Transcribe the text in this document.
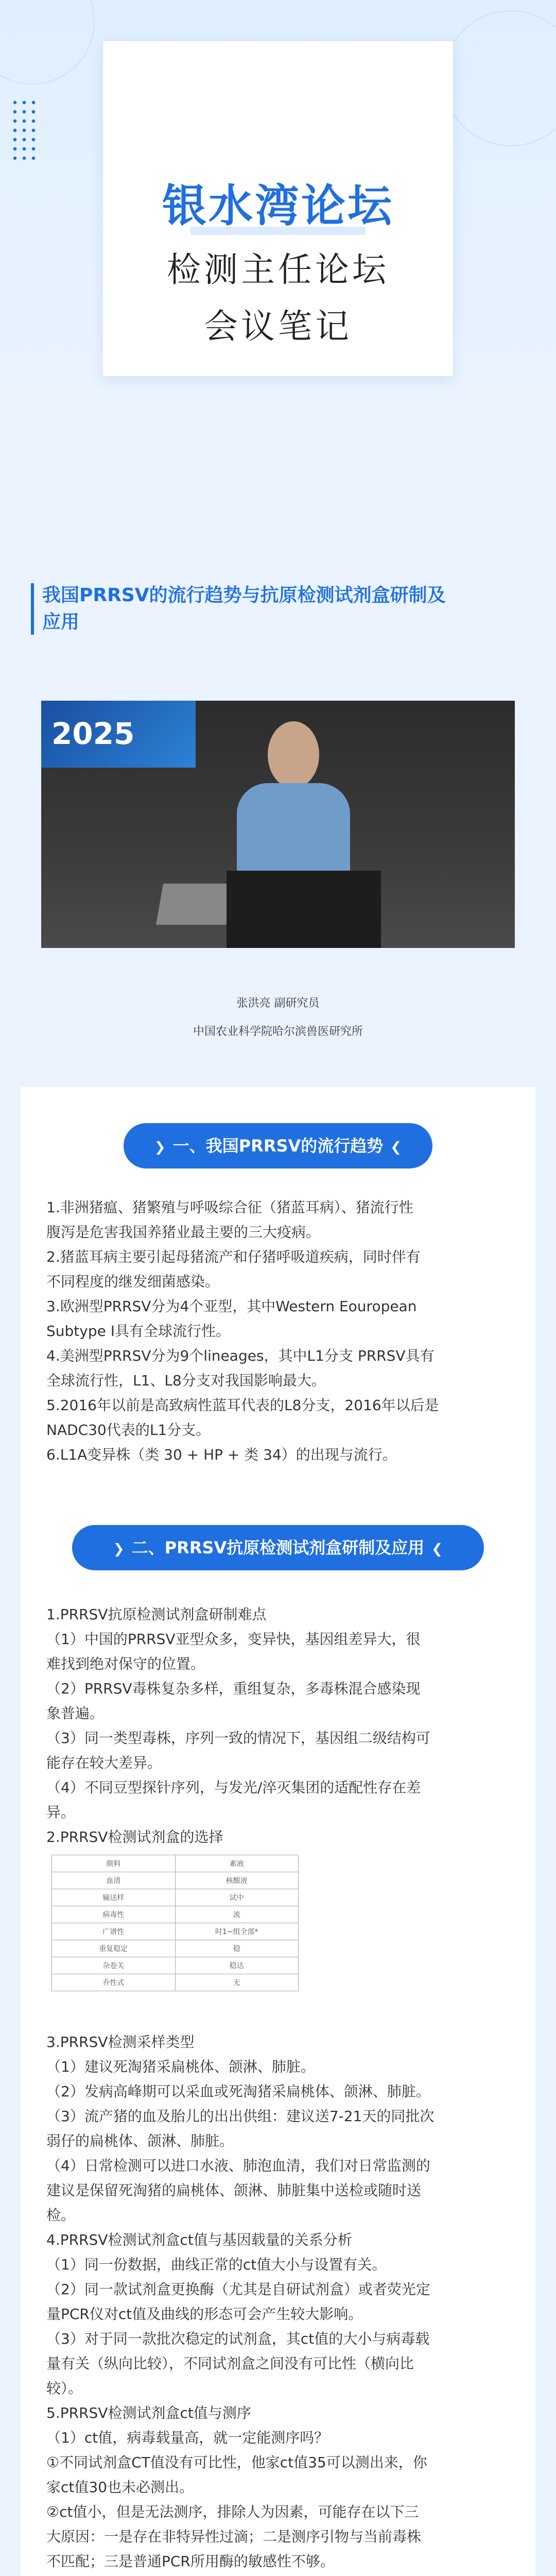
银水湾论坛
检测主任论坛
会议笔记
我国PRRSV的流行趋势与抗原检测试剂盒研制及
应用
2025
张洪亮 副研究员
中国农业科学院哈尔滨兽医研究所
❯ 一、我国PRRSV的流行趋势 ❮
1.非洲猪瘟、猪繁殖与呼吸综合征（猪蓝耳病）、猪流行性
腹泻是危害我国养猪业最主要的三大疫病。
2.猪蓝耳病主要引起母猪流产和仔猪呼吸道疾病，同时伴有
不同程度的继发细菌感染。
3.欧洲型PRRSV分为4个亚型，其中Western Eouropean
Subtype I具有全球流行性。
4.美洲型PRRSV分为9个lineages，其中L1分支 PRRSV具有
全球流行性，L1、L8分支对我国影响最大。
5.2016年以前是高致病性蓝耳代表的L8分支，2016年以后是
NADC30代表的L1分支。
6.L1A变异株（类 30 + HP + 类 34）的出现与流行。
❯ 二、PRRSV抗原检测试剂盒研制及应用 ❮
1.PRRSV抗原检测试剂盒研制难点
（1）中国的PRRSV亚型众多，变异快，基因组差异大，很
难找到绝对保守的位置。
（2）PRRSV毒株复杂多样，重组复杂，多毒株混合感染现
象普遍。
（3）同一类型毒株，序列一致的情况下，基因组二级结构可
能存在较大差异。
（4）不同豆型探针序列，与发光/淬灭集团的适配性存在差
异。
2.PRRSV检测试剂盒的选择
颜料	素液
血清	核酸液
输送样	试中
病毒性	流
广谱性	时1~组全部*
重复稳定	稳
杂卷关	稳达
乔性式	无
3.PRRSV检测采样类型
（1）建议死淘猪采扁桃体、颌淋、肺脏。
（2）发病高峰期可以采血或死淘猪采扁桃体、颌淋、肺脏。
（3）流产猪的血及胎儿的出出供组：建议送7-21天的同批次
弱仔的扁桃体、颌淋、肺脏。
（4）日常检测可以进口水液、肺泡血清，我们对日常监测的
建议是保留死淘猪的扁桃体、颌淋、肺脏集中送检或随时送
检。
4.PRRSV检测试剂盒ct值与基因载量的关系分析
（1）同一份数据，曲线正常的ct值大小与设置有关。
（2）同一款试剂盒更换酶（尤其是自研试剂盒）或者荧光定
量PCR仪对ct值及曲线的形态可会产生较大影响。
（3）对于同一款批次稳定的试剂盒，其ct值的大小与病毒载
量有关（纵向比较），不同试剂盒之间没有可比性（横向比
较）。
5.PRRSV检测试剂盒ct值与测序
（1）ct值，病毒载量高，就一定能测序吗？
①不同试剂盒CT值没有可比性，他家ct值35可以测出来，你
家ct值30也未必测出。
②ct值小，但是无法测序，排除人为因素，可能存在以下三
大原因：一是存在非特异性过滴；二是测序引物与当前毒株
不匹配；三是普通PCR所用酶的敏感性不够。
